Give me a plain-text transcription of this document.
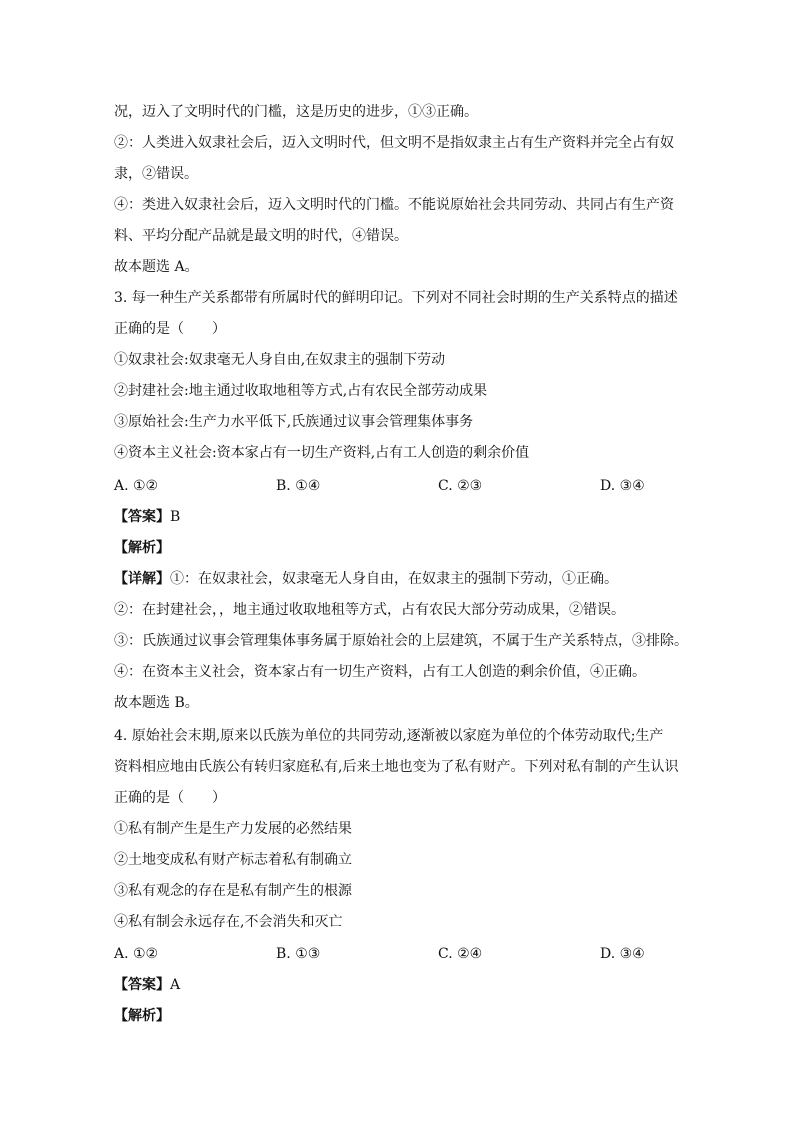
况，迈入了文明时代的门槛，这是历史的进步，①③正确。
②：人类进入奴隶社会后，迈入文明时代，但文明不是指奴隶主占有生产资料并完全占有奴
隶，②错误。
④：类进入奴隶社会后，迈入文明时代的门槛。不能说原始社会共同劳动、共同占有生产资
料、平均分配产品就是最文明的时代，④错误。
故本题选 A。
3. 每一种生产关系都带有所属时代的鲜明印记。下列对不同社会时期的生产关系特点的描述
正确的是（　　）
①奴隶社会:奴隶毫无人身自由,在奴隶主的强制下劳动
②封建社会:地主通过收取地租等方式,占有农民全部劳动成果
③原始社会:生产力水平低下,氏族通过议事会管理集体事务
④资本主义社会:资本家占有一切生产资料,占有工人创造的剩余价值
A. ①②	B. ①④	C. ②③	D. ③④
【答案】B
【解析】
【详解】①：在奴隶社会，奴隶毫无人身自由，在奴隶主的强制下劳动，①正确。
②：在封建社会，，地主通过收取地租等方式，占有农民大部分劳动成果，②错误。
③：氏族通过议事会管理集体事务属于原始社会的上层建筑，不属于生产关系特点，③排除。
④：在资本主义社会，资本家占有一切生产资料，占有工人创造的剩余价值，④正确。
故本题选 B。
4. 原始社会末期,原来以氏族为单位的共同劳动,逐渐被以家庭为单位的个体劳动取代;生产
资料相应地由氏族公有转归家庭私有,后来土地也变为了私有财产。下列对私有制的产生认识
正确的是（　　）
①私有制产生是生产力发展的必然结果
②土地变成私有财产标志着私有制确立
③私有观念的存在是私有制产生的根源
④私有制会永远存在,不会消失和灭亡
A. ①②	B. ①③	C. ②④	D. ③④
【答案】A
【解析】
